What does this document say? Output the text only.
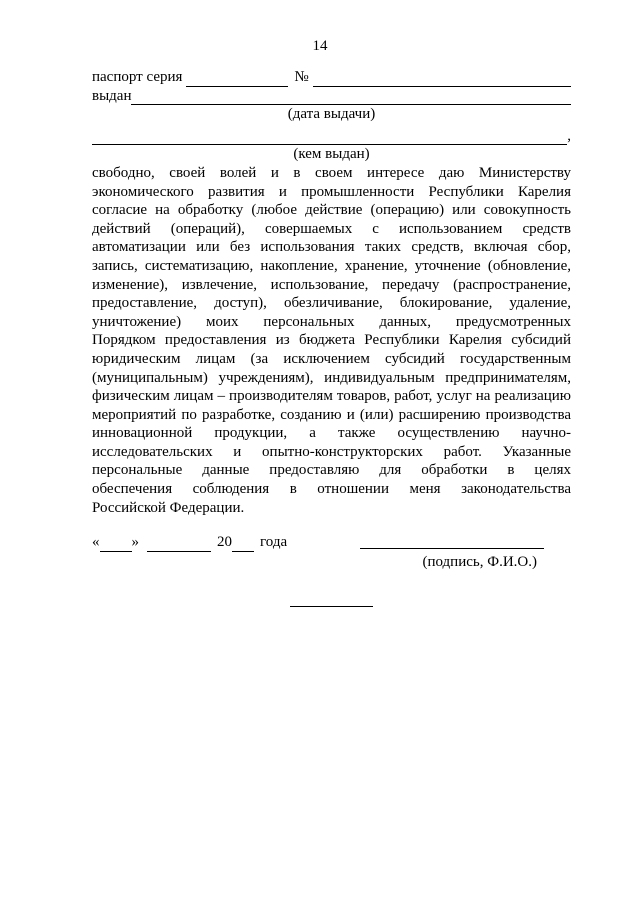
14
паспорт серия	№
выдан
(дата выдачи)
,
(кем выдан)
свободно, своей волей и в своем интересе даю Министерству
экономического развития и промышленности Республики Карелия
согласие на обработку (любое действие (операцию) или совокупность
действий (операций), совершаемых с использованием средств
автоматизации или без использования таких средств, включая сбор,
запись, систематизацию, накопление, хранение, уточнение (обновление,
изменение), извлечение, использование, передачу (распространение,
предоставление, доступ), обезличивание, блокирование, удаление,
уничтожение) моих персональных данных, предусмотренных
Порядком предоставления из бюджета Республики Карелия субсидий
юридическим лицам (за исключением субсидий государственным
(муниципальным) учреждениям), индивидуальным предпринимателям,
физическим лицам – производителям товаров, работ, услуг на реализацию
мероприятий по разработке, созданию и (или) расширению производства
инновационной продукции, а также осуществлению научно-
исследовательских и опытно-конструкторских работ. Указанные
персональные данные предоставляю для обработки в целях
обеспечения соблюдения в отношении меня законодательства
Российской Федерации.
« »	20 года
(подпись, Ф.И.О.)
